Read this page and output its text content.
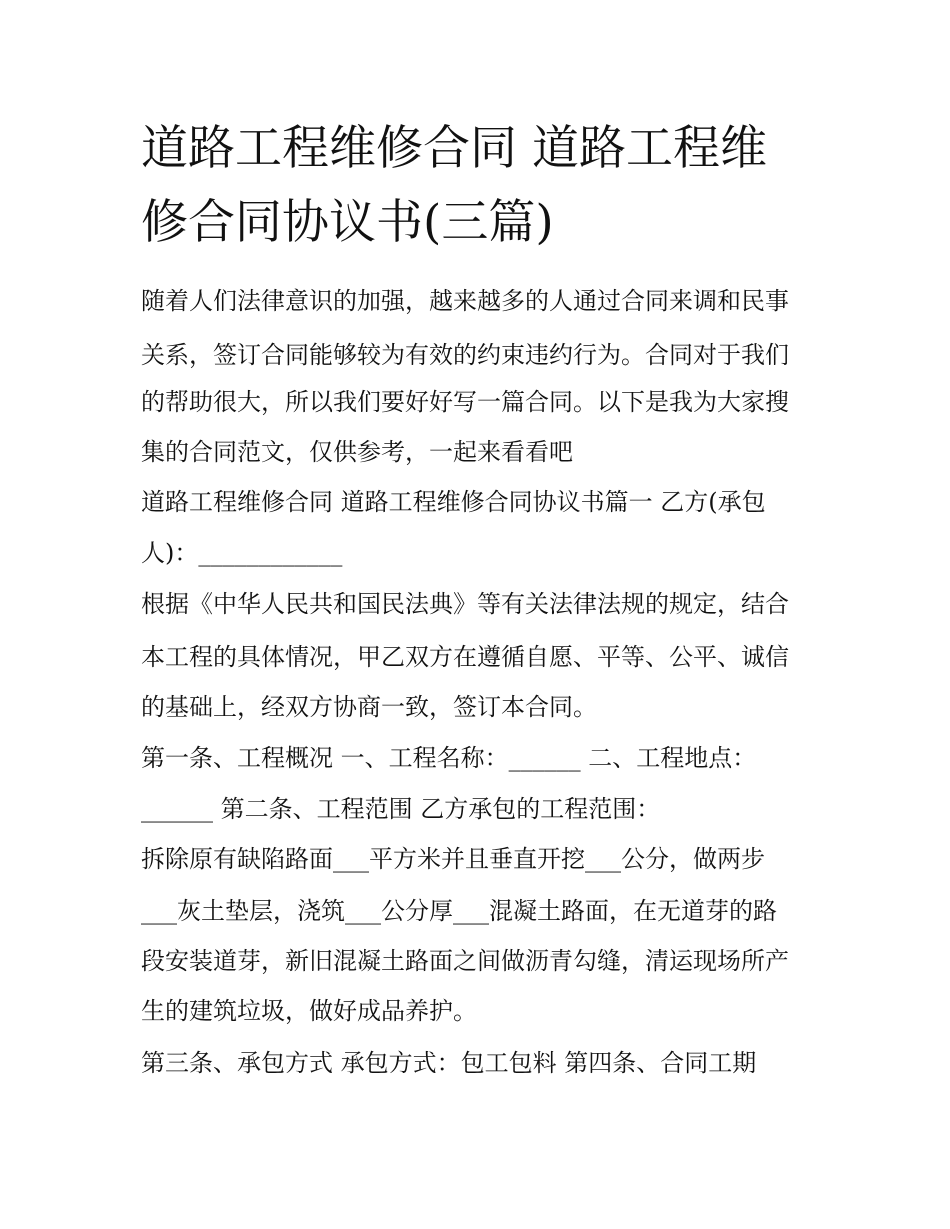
道路工程维修合同 道路工程维
修合同协议书(三篇)

随着人们法律意识的加强，越来越多的人通过合同来调和民事

关系，签订合同能够较为有效的约束违约行为。合同对于我们

的帮助很大，所以我们要好好写一篇合同。以下是我为大家搜

集的合同范文，仅供参考，一起来看看吧

道路工程维修合同 道路工程维修合同协议书篇一 乙方(承包

人)：____________

根据《中华人民共和国民法典》等有关法律法规的规定，结合

本工程的具体情况，甲乙双方在遵循自愿、平等、公平、诚信

的基础上，经双方协商一致，签订本合同。

第一条、工程概况 一、工程名称：______ 二、工程地点：

______ 第二条、工程范围 乙方承包的工程范围：

拆除原有缺陷路面___平方米并且垂直开挖___公分，做两步

___灰土垫层，浇筑___公分厚___混凝土路面，在无道芽的路

段安装道芽，新旧混凝土路面之间做沥青勾缝，清运现场所产

生的建筑垃圾，做好成品养护。

第三条、承包方式 承包方式：包工包料 第四条、合同工期
